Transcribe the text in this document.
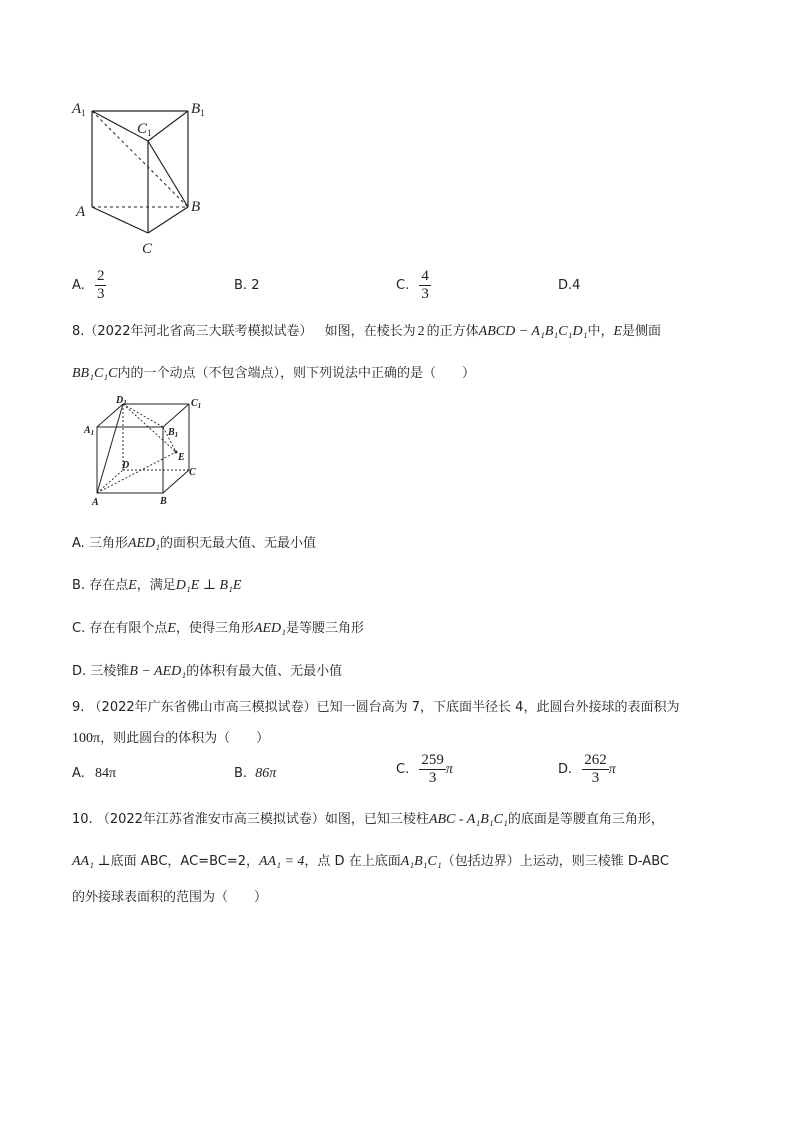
$A_1$	$B_1$
$C_1$
A	B
C
A. $\frac{2}{3}$	B. 2	C. $\frac{4}{3}$	D.4
8.（2022年河北省高三大联考模拟试卷） 如图，在棱长为 2 的正方体ABCD − A₁B₁C₁D₁中，E是侧面
BB₁C₁C内的一个动点（不包含端点），则下列说法中正确的是（　　）
$D_1$	$C_1$
$A_1$	$B_1$
E
D
C
A	B
A. 三角形AED₁的面积无最大值、无最小值
B. 存在点E，满足D₁E ⊥ B₁E
C. 存在有限个点E，使得三角形AED₁是等腰三角形
D. 三棱锥B − AED₁的体积有最大值、无最小值
9. （2022年广东省佛山市高三模拟试卷）已知一圆台高为 7，下底面半径长 4，此圆台外接球的表面积为
100π，则此圆台的体积为（　　）
A. 84π	B. 86π	C. $\frac{259}{3}$ π	D. $\frac{262}{3}$ π
10. （2022年江苏省淮安市高三模拟试卷）如图，已知三棱柱ABC - A₁B₁C₁的底面是等腰直角三角形，
AA₁ ⊥底面 ABC，AC=BC=2，AA₁ = 4，点 D 在上底面A₁B₁C₁（包括边界）上运动，则三棱锥 D-ABC
的外接球表面积的范围为（　　）
